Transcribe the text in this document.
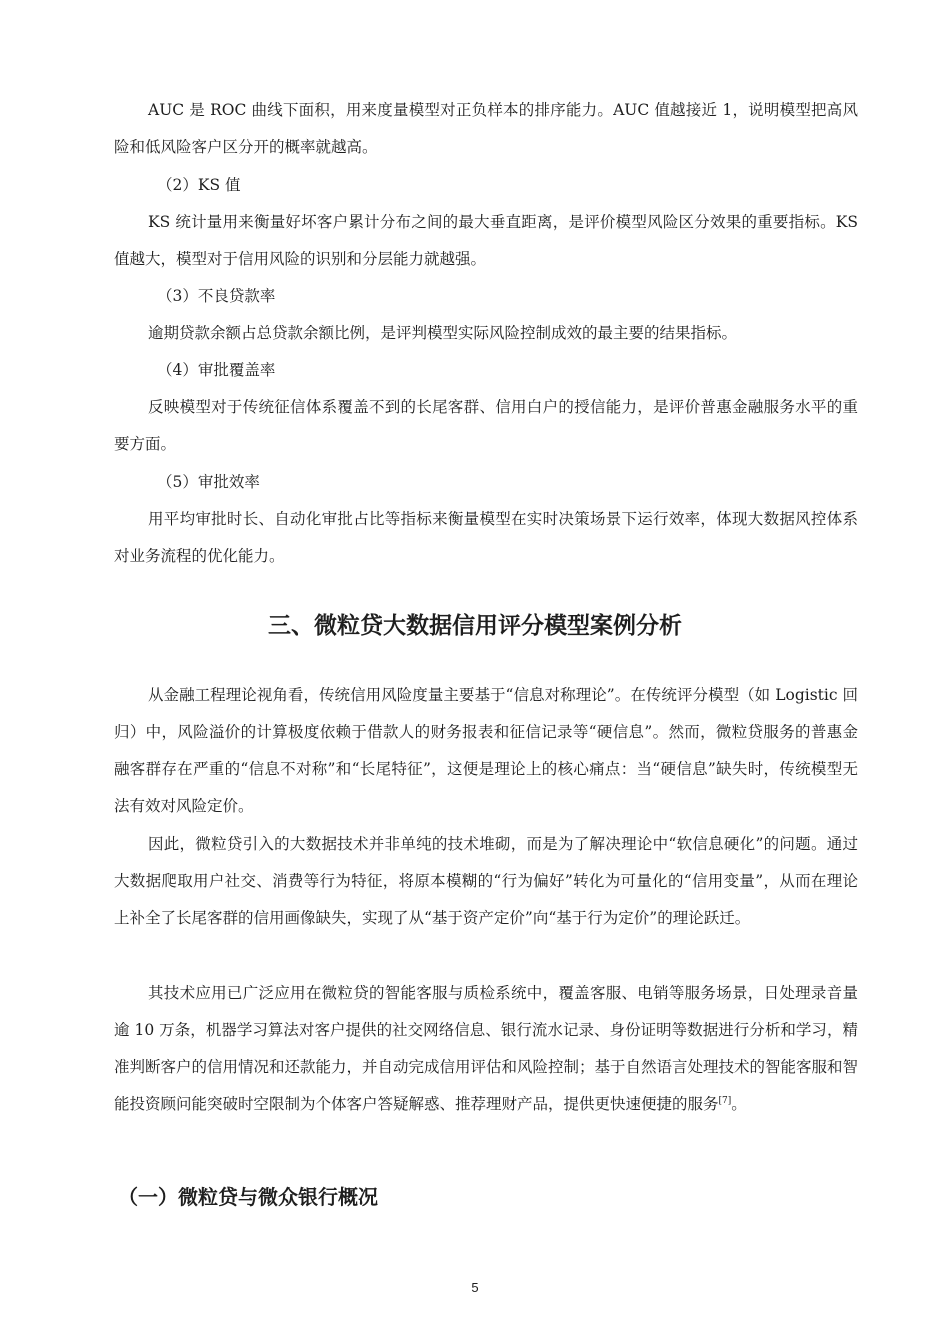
AUC 是 ROC 曲线下面积，用来度量模型对正负样本的排序能力。AUC 值越接近 1，说明模型把高风险和低风险客户区分开的概率就越高。

（2）KS 值

KS 统计量用来衡量好坏客户累计分布之间的最大垂直距离，是评价模型风险区分效果的重要指标。KS 值越大，模型对于信用风险的识别和分层能力就越强。

（3）不良贷款率

逾期贷款余额占总贷款余额比例，是评判模型实际风险控制成效的最主要的结果指标。

（4）审批覆盖率

反映模型对于传统征信体系覆盖不到的长尾客群、信用白户的授信能力，是评价普惠金融服务水平的重要方面。

（5）审批效率

用平均审批时长、自动化审批占比等指标来衡量模型在实时决策场景下运行效率，体现大数据风控体系对业务流程的优化能力。

三、微粒贷大数据信用评分模型案例分析

从金融工程理论视角看，传统信用风险度量主要基于“信息对称理论”。在传统评分模型（如 Logistic 回归）中，风险溢价的计算极度依赖于借款人的财务报表和征信记录等“硬信息”。然而，微粒贷服务的普惠金融客群存在严重的“信息不对称”和“长尾特征”，这便是理论上的核心痛点：当“硬信息”缺失时，传统模型无法有效对风险定价。

因此，微粒贷引入的大数据技术并非单纯的技术堆砌，而是为了解决理论中“软信息硬化”的问题。通过大数据爬取用户社交、消费等行为特征，将原本模糊的“行为偏好”转化为可量化的“信用变量”，从而在理论上补全了长尾客群的信用画像缺失，实现了从“基于资产定价”向“基于行为定价”的理论跃迁。

其技术应用已广泛应用在微粒贷的智能客服与质检系统中，覆盖客服、电销等服务场景，日处理录音量逾 10 万条，机器学习算法对客户提供的社交网络信息、银行流水记录、身份证明等数据进行分析和学习，精准判断客户的信用情况和还款能力，并自动完成信用评估和风险控制；基于自然语言处理技术的智能客服和智能投资顾问能突破时空限制为个体客户答疑解惑、推荐理财产品，提供更快速便捷的服务[7]。

（一）微粒贷与微众银行概况
5
